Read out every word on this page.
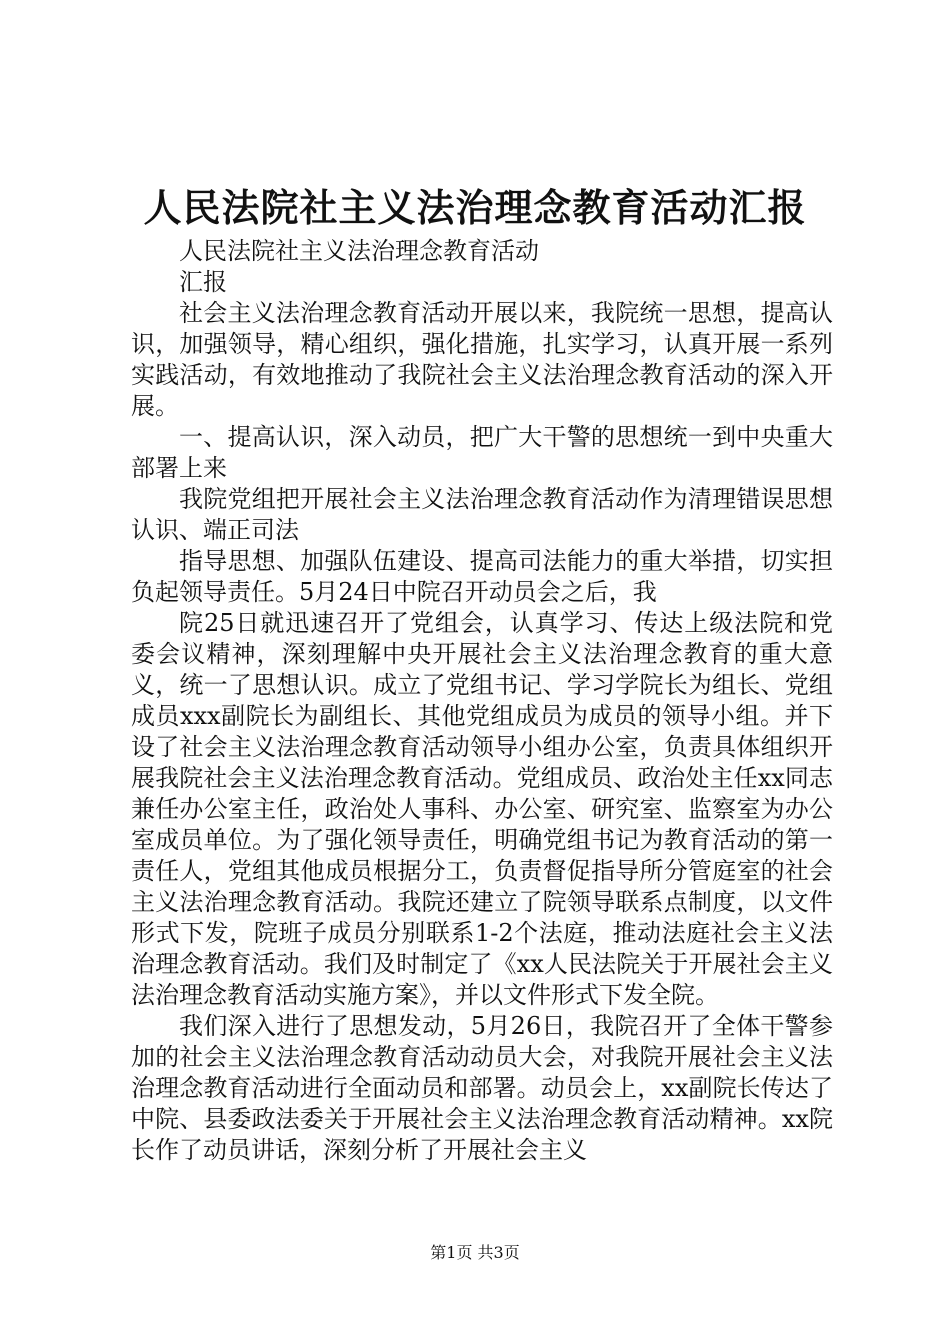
人民法院社主义法治理念教育活动汇报

人民法院社主义法治理念教育活动

汇报

社会主义法治理念教育活动开展以来，我院统一思想，提高认识，加强领导，精心组织，强化措施，扎实学习，认真开展一系列实践活动，有效地推动了我院社会主义法治理念教育活动的深入开展。

一、提高认识，深入动员，把广大干警的思想统一到中央重大部署上来

我院党组把开展社会主义法治理念教育活动作为清理错误思想认识、端正司法

指导思想、加强队伍建设、提高司法能力的重大举措，切实担负起领导责任。5月24日中院召开动员会之后，我

院25日就迅速召开了党组会，认真学习、传达上级法院和党委会议精神，深刻理解中央开展社会主义法治理念教育的重大意义，统一了思想认识。成立了党组书记、学习学院长为组长、党组成员xxx副院长为副组长、其他党组成员为成员的领导小组。并下设了社会主义法治理念教育活动领导小组办公室，负责具体组织开展我院社会主义法治理念教育活动。党组成员、政治处主任xx同志兼任办公室主任，政治处人事科、办公室、研究室、监察室为办公室成员单位。为了强化领导责任，明确党组书记为教育活动的第一责任人，党组其他成员根据分工，负责督促指导所分管庭室的社会主义法治理念教育活动。我院还建立了院领导联系点制度，以文件形式下发，院班子成员分别联系1-2个法庭，推动法庭社会主义法治理念教育活动。我们及时制定了《xx人民法院关于开展社会主义法治理念教育活动实施方案》，并以文件形式下发全院。

我们深入进行了思想发动，5月26日，我院召开了全体干警参加的社会主义法治理念教育活动动员大会，对我院开展社会主义法治理念教育活动进行全面动员和部署。动员会上，xx副院长传达了中院、县委政法委关于开展社会主义法治理念教育活动精神。xx院长作了动员讲话，深刻分析了开展社会主义

第1页 共3页
